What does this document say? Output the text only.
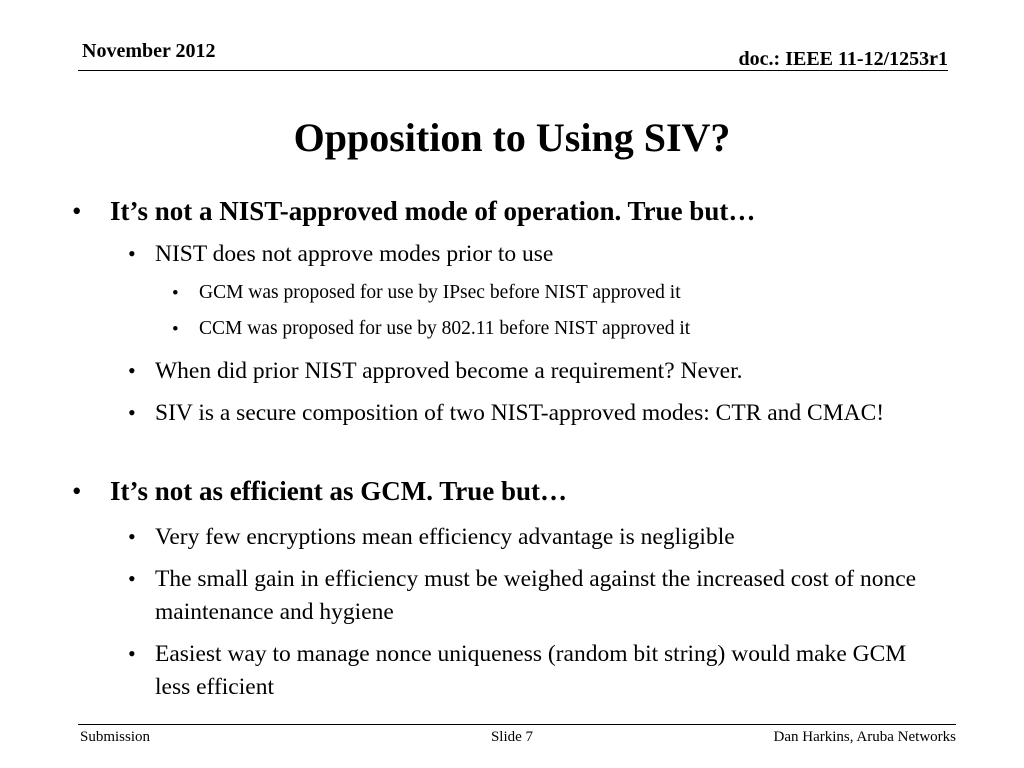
November 2012	doc.: IEEE 11-12/1253r1
Opposition to Using SIV?
• It’s not a NIST-approved mode of operation. True but…
• NIST does not approve modes prior to use
• GCM was proposed for use by IPsec before NIST approved it
• CCM was proposed for use by 802.11 before NIST approved it
• When did prior NIST approved become a requirement? Never.
• SIV is a secure composition of two NIST-approved modes: CTR and CMAC!
• It’s not as efficient as GCM. True but…
• Very few encryptions mean efficiency advantage is negligible
• The small gain in efficiency must be weighed against the increased cost of nonce maintenance and hygiene
• Easiest way to manage nonce uniqueness (random bit string) would make GCM less efficient
Submission	Slide 7	Dan Harkins, Aruba Networks
